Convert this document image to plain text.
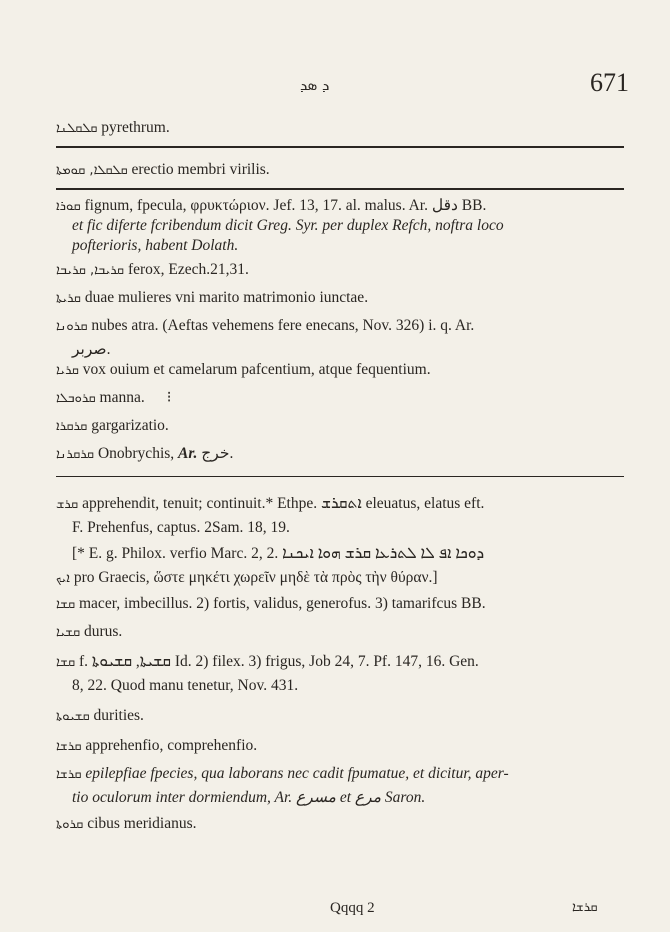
ܕ ܣܕ	671
ܩܠܩܠܢܐ pyrethrum.
ܩܠܩܠܐ, ܩܘܡܬܐ erectio membri virilis.
ܩܘܪܐ fignum, fpecula, φρυκτώριον. Jef. 13, 17. al. malus. Ar. ﺩﻗﻞ BB.
et fic diferte fcribendum dicit Greg. Syr. per duplex Refch, noftra loco
pofterioris, habent Dolath.
ܩܪܝܒܐ, ܩܪܝܒܐ ferox, Ezech.21,31.
ܩܪܝܬܐ duae mulieres vni marito matrimonio iunctae.
ܩܪܘܢܐ nubes atra. (Aeftas vehemens fere enecans, Nov. 326) i. q. Ar.
ﺻﺮﺑﺮ.
ܩܪܝܐ vox ouium et camelarum pafcentium, atque fequentium.
ܩܪܘܒܠܐ manna. ⁝
ܩܪܩܪܐ gargarizatio.
ܩܪܩܪܢܐ Onobrychis, Ar. ﺧﺮﺝ.
ܩܪܫ apprehendit, tenuit; continuit.* Ethpe. ܐܬܩܪܫ eleuatus, elatus eft.
F. Prehenfus, captus. 2Sam. 18, 19.
[* E. g. Philox. verfio Marc. 2, 2. ܕܘܟܐ ܐܦ ܠܐ ܠܬܪܥܐ ܩܪܫ ܗܘܐ ܐܝܟܢܐ
ܐܝܟ pro Graecis, ὥστε μηκέτι χωρεῖν μηδὲ τὰ πρὸς τὴν θύραν.]
ܩܫܐ macer, imbecillus. 2) fortis, validus, generofus. 3) tamarifcus BB.
ܩܫܝܐ durus.
ܩܫܐ f. ܩܫܝܬܐ, ܩܫܝܘܬܐ Id. 2) filex. 3) frigus, Job 24, 7. Pf. 147, 16. Gen.
8, 22. Quod manu tenetur, Nov. 431.
ܩܫܝܘܬܐ durities.
ܩܪܫܐ apprehenfio, comprehenfio.
ܩܪܫܐ epilepfiae fpecies, qua laborans nec cadit fpumatue, et dicitur, aper-
tio oculorum inter dormiendum, Ar. ﻣﺴﺮﻉ et ﻣﺮﻉ Saron.
ܩܪܘܬܐ cibus meridianus.
Qqqq 2	ܩܪܫܐ
